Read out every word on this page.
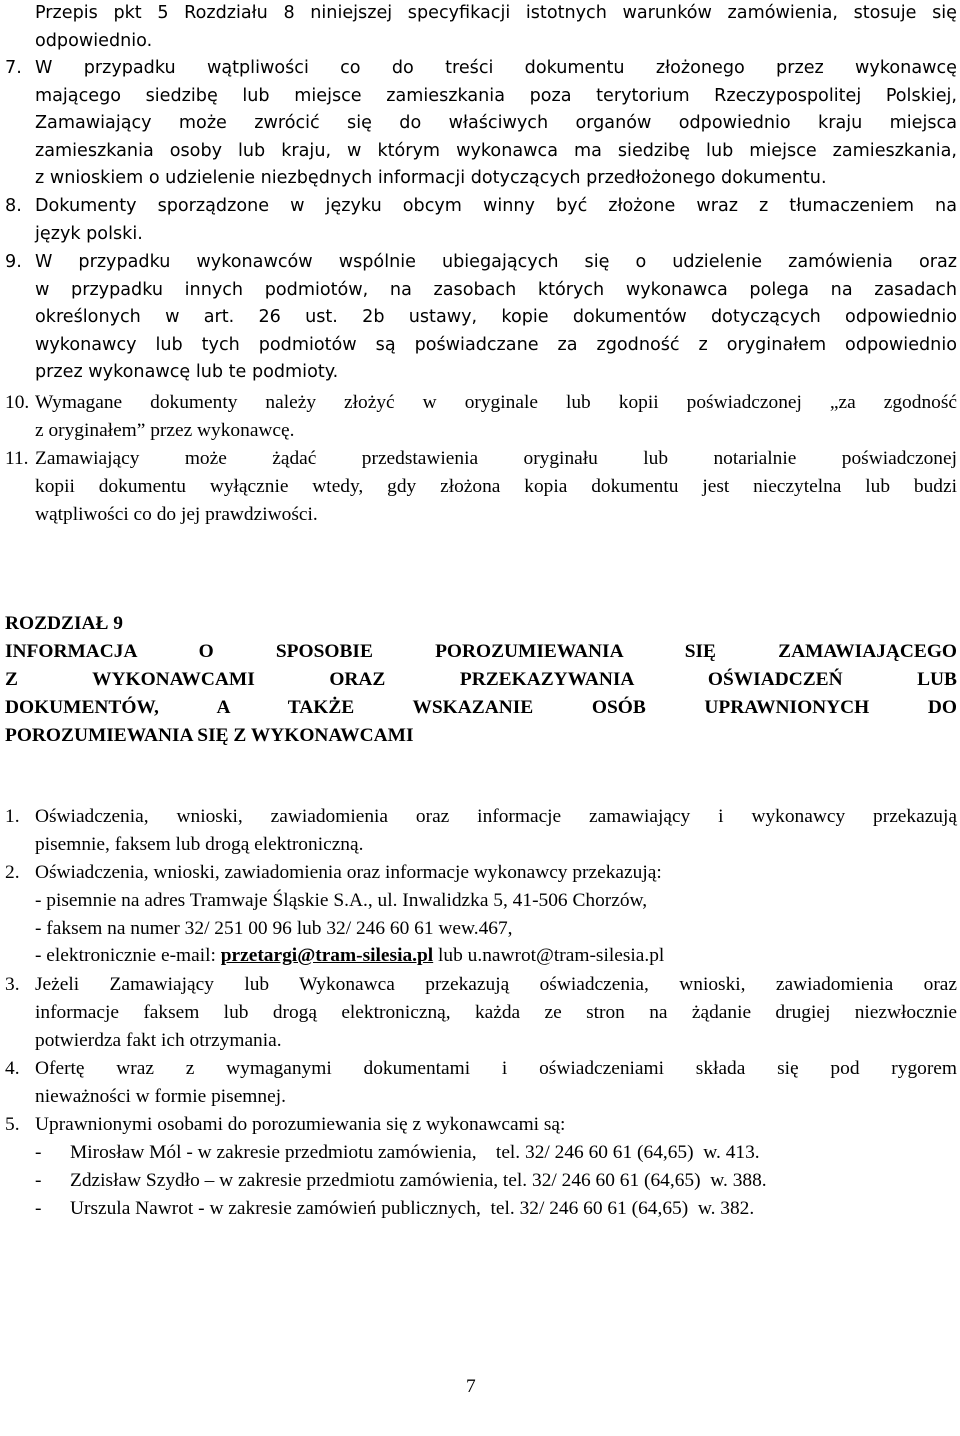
Przepis pkt 5 Rozdziału 8 niniejszej specyfikacji istotnych warunków zamówienia, stosuje się
odpowiednio.
7. W przypadku wątpliwości co do treści dokumentu złożonego przez wykonawcę
mającego siedzibę lub miejsce zamieszkania poza terytorium Rzeczypospolitej Polskiej,
Zamawiający może zwrócić się do właściwych organów odpowiednio kraju miejsca
zamieszkania osoby lub kraju, w którym wykonawca ma siedzibę lub miejsce zamieszkania,
z wnioskiem o udzielenie niezbędnych informacji dotyczących przedłożonego dokumentu.
8. Dokumenty sporządzone w języku obcym winny być złożone wraz z tłumaczeniem na
język polski.
9. W przypadku wykonawców wspólnie ubiegających się o udzielenie zamówienia oraz
w przypadku innych podmiotów, na zasobach których wykonawca polega na zasadach
określonych w art. 26 ust. 2b ustawy, kopie dokumentów dotyczących odpowiednio
wykonawcy lub tych podmiotów są poświadczane za zgodność z oryginałem odpowiednio
przez wykonawcę lub te podmioty.
10. Wymagane dokumenty należy złożyć w oryginale lub kopii poświadczonej „za zgodność
z oryginałem” przez wykonawcę.
11. Zamawiający może żądać przedstawienia oryginału lub notarialnie poświadczonej
kopii dokumentu wyłącznie wtedy, gdy złożona kopia dokumentu jest nieczytelna lub budzi
wątpliwości co do jej prawdziwości.
ROZDZIAŁ 9
INFORMACJA O SPOSOBIE POROZUMIEWANIA SIĘ ZAMAWIAJĄCEGO
Z WYKONAWCAMI ORAZ PRZEKAZYWANIA OŚWIADCZEŃ LUB
DOKUMENTÓW, A TAKŻE WSKAZANIE OSÓB UPRAWNIONYCH DO
POROZUMIEWANIA SIĘ Z WYKONAWCAMI
1. Oświadczenia, wnioski, zawiadomienia oraz informacje zamawiający i wykonawcy przekazują
pisemnie, faksem lub drogą elektroniczną.
2. Oświadczenia, wnioski, zawiadomienia oraz informacje wykonawcy przekazują:
- pisemnie na adres Tramwaje Śląskie S.A., ul. Inwalidzka 5, 41-506 Chorzów,
- faksem na numer 32/ 251 00 96 lub 32/ 246 60 61 wew.467,
- elektronicznie e-mail: przetargi@tram-silesia.pl lub u.nawrot@tram-silesia.pl
3. Jeżeli Zamawiający lub Wykonawca przekazują oświadczenia, wnioski, zawiadomienia oraz
informacje faksem lub drogą elektroniczną, każda ze stron na żądanie drugiej niezwłocznie
potwierdza fakt ich otrzymania.
4. Ofertę wraz z wymaganymi dokumentami i oświadczeniami składa się pod rygorem
nieważności w formie pisemnej.
5. Uprawnionymi osobami do porozumiewania się z wykonawcami są:
- Mirosław Mól - w zakresie przedmiotu zamówienia,    tel. 32/ 246 60 61 (64,65)  w. 413.
- Zdzisław Szydło – w zakresie przedmiotu zamówienia, tel. 32/ 246 60 61 (64,65)  w. 388.
- Urszula Nawrot - w zakresie zamówień publicznych,  tel. 32/ 246 60 61 (64,65)  w. 382.
7
